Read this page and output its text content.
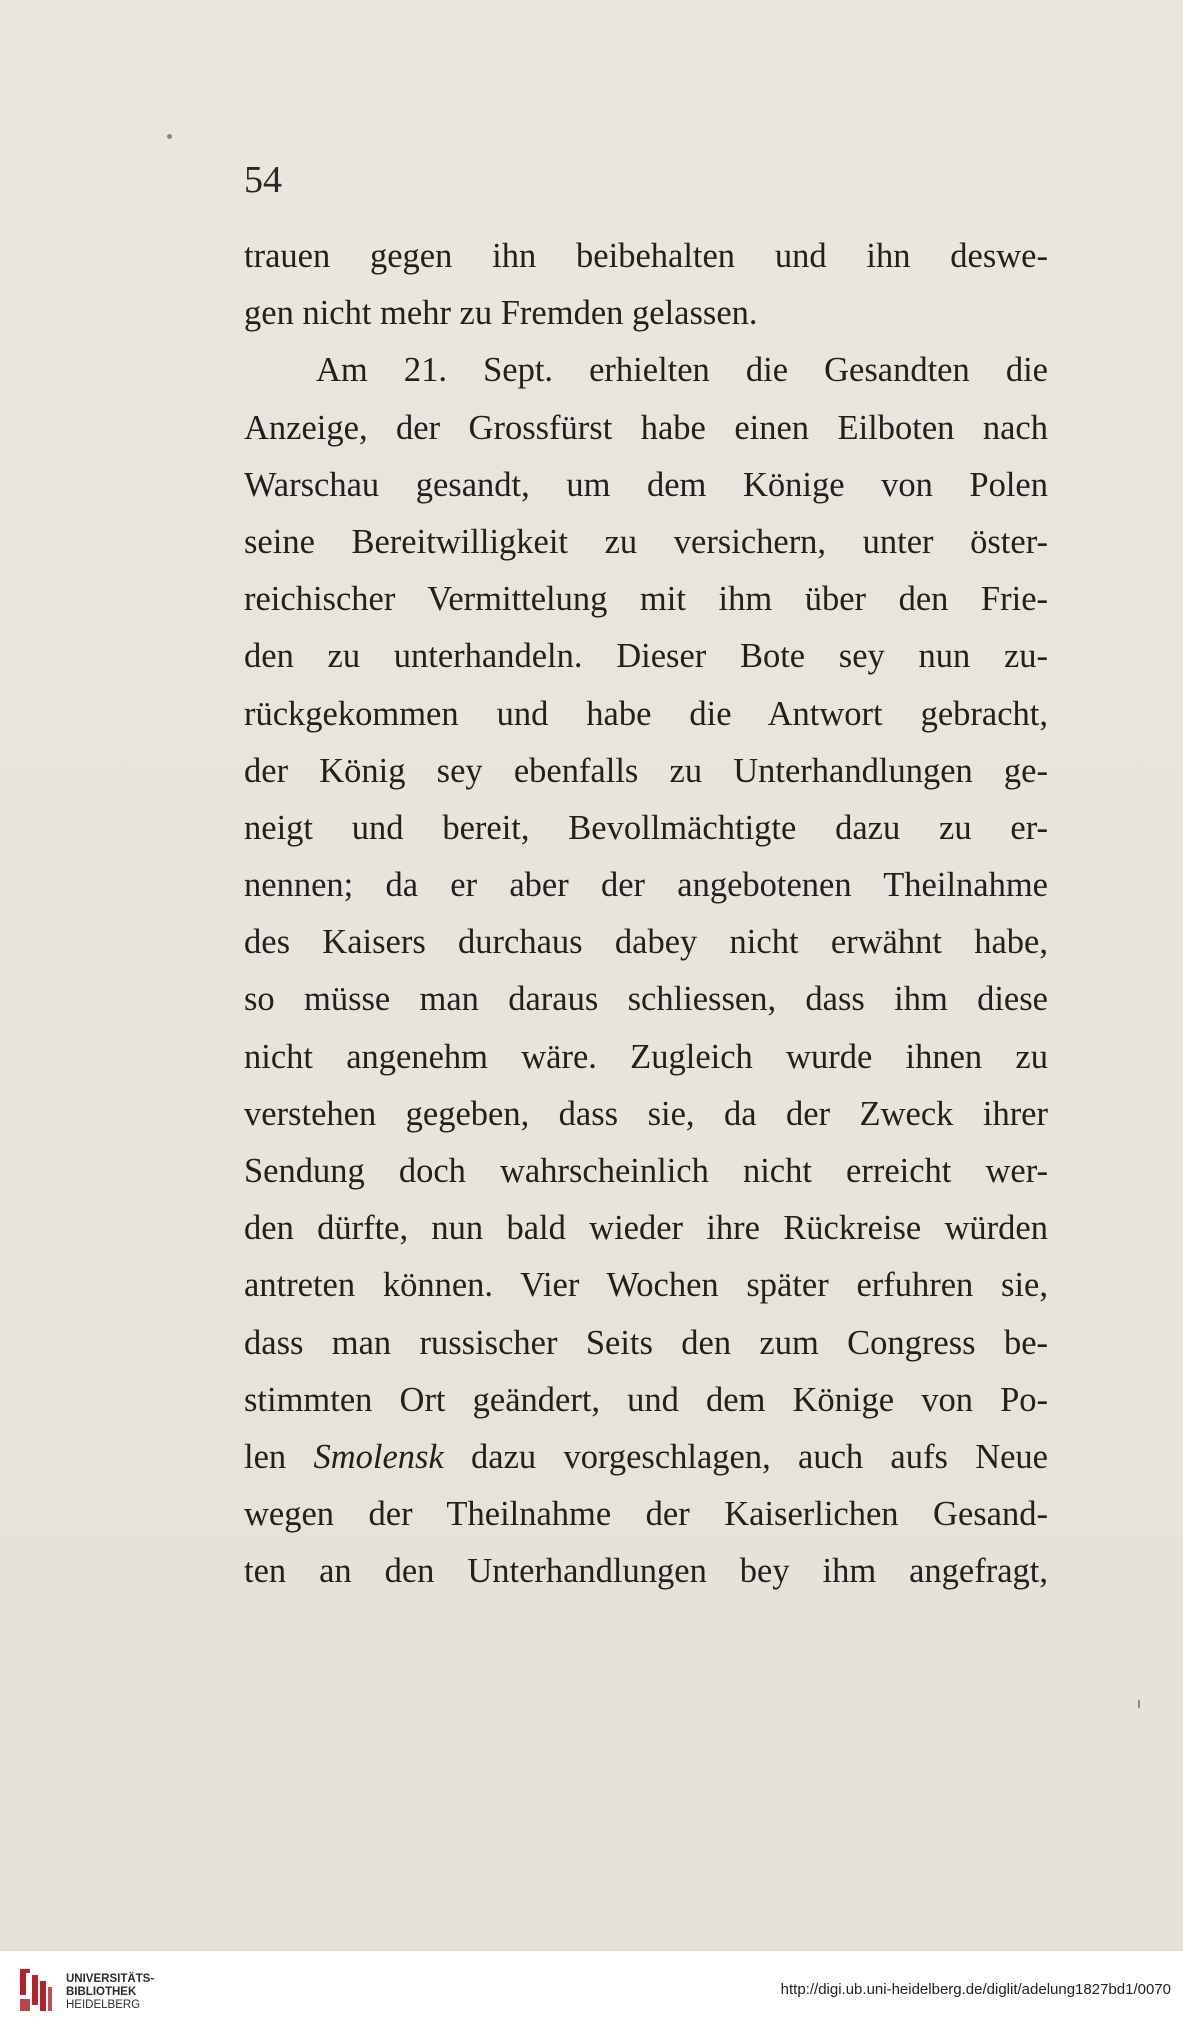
54
trauen gegen ihn beibehalten und ihn deswe-
gen nicht mehr zu Fremden gelassen.
Am 21. Sept. erhielten die Gesandten die
Anzeige, der Grossfürst habe einen Eilboten nach
Warschau gesandt, um dem Könige von Polen
seine Bereitwilligkeit zu versichern, unter öster-
reichischer Vermittelung mit ihm über den Frie-
den zu unterhandeln. Dieser Bote sey nun zu-
rückgekommen und habe die Antwort gebracht,
der König sey ebenfalls zu Unterhandlungen ge-
neigt und bereit, Bevollmächtigte dazu zu er-
nennen; da er aber der angebotenen Theilnahme
des Kaisers durchaus dabey nicht erwähnt habe,
so müsse man daraus schliessen, dass ihm diese
nicht angenehm wäre. Zugleich wurde ihnen zu
verstehen gegeben, dass sie, da der Zweck ihrer
Sendung doch wahrscheinlich nicht erreicht wer-
den dürfte, nun bald wieder ihre Rückreise würden
antreten können. Vier Wochen später erfuhren sie,
dass man russischer Seits den zum Congress be-
stimmten Ort geändert, und dem Könige von Po-
len Smolensk dazu vorgeschlagen, auch aufs Neue
wegen der Theilnahme der Kaiserlichen Gesand-
ten an den Unterhandlungen bey ihm angefragt,
UNIVERSITÄTS-
BIBLIOTHEK
HEIDELBERG
http://digi.ub.uni-heidelberg.de/diglit/adelung1827bd1/0070
